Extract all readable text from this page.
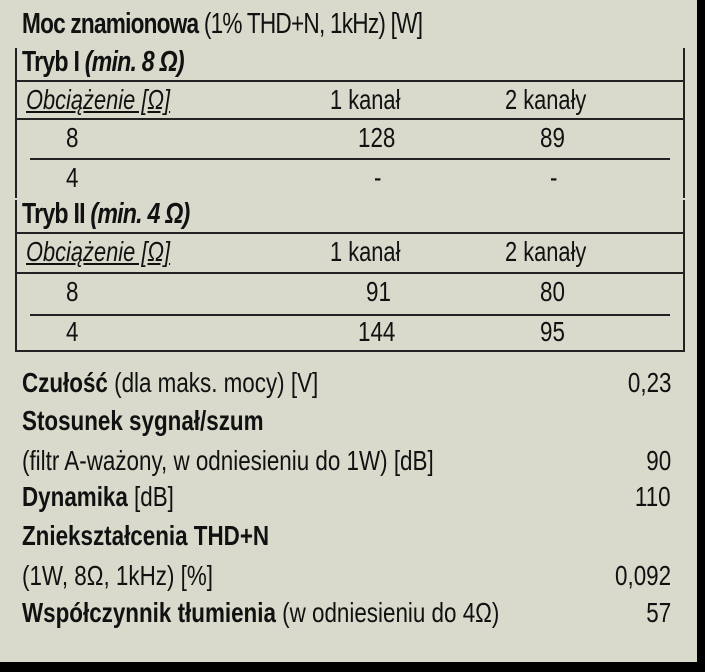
Moc znamionowa (1% THD+N, 1kHz) [W]
Tryb I (min. 8 Ω)
Obciążenie [Ω]	1 kanał	2 kanały
8	128	89
4	-	-
Tryb II (min. 4 Ω)
Obciążenie [Ω]	1 kanał	2 kanały
8	91	80
4	144	95
Czułość (dla maks. mocy) [V]	0,23
Stosunek sygnał/szum
(filtr A-ważony, w odniesieniu do 1W) [dB]	90
Dynamika [dB]	110
Zniekształcenia THD+N
(1W, 8Ω, 1kHz) [%]	0,092
Współczynnik tłumienia (w odniesieniu do 4Ω)	57
